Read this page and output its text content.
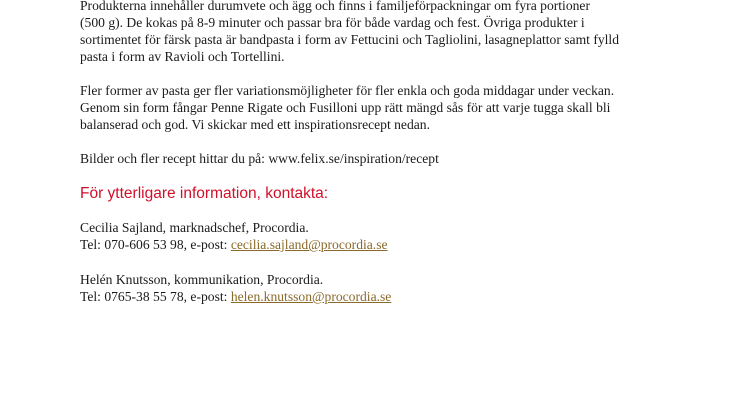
Produkterna innehåller durumvete och ägg och finns i familjeförpackningar om fyra portioner
(500 g). De kokas på 8-9 minuter och passar bra för både vardag och fest. Övriga produkter i
sortimentet för färsk pasta är bandpasta i form av Fettucini och Tagliolini, lasagneplattor samt fylld
pasta i form av Ravioli och Tortellini.

Fler former av pasta ger fler variationsmöjligheter för fler enkla och goda middagar under veckan.
Genom sin form fångar Penne Rigate och Fusilloni upp rätt mängd sås för att varje tugga skall bli
balanserad och god. Vi skickar med ett inspirationsrecept nedan.

Bilder och fler recept hittar du på: www.felix.se/inspiration/recept

För ytterligare information, kontakta:

Cecilia Sajland, marknadschef, Procordia.
Tel: 070-606 53 98, e-post: cecilia.sajland@procordia.se

Helén Knutsson, kommunikation, Procordia.
Tel: 0765-38 55 78, e-post: helen.knutsson@procordia.se
